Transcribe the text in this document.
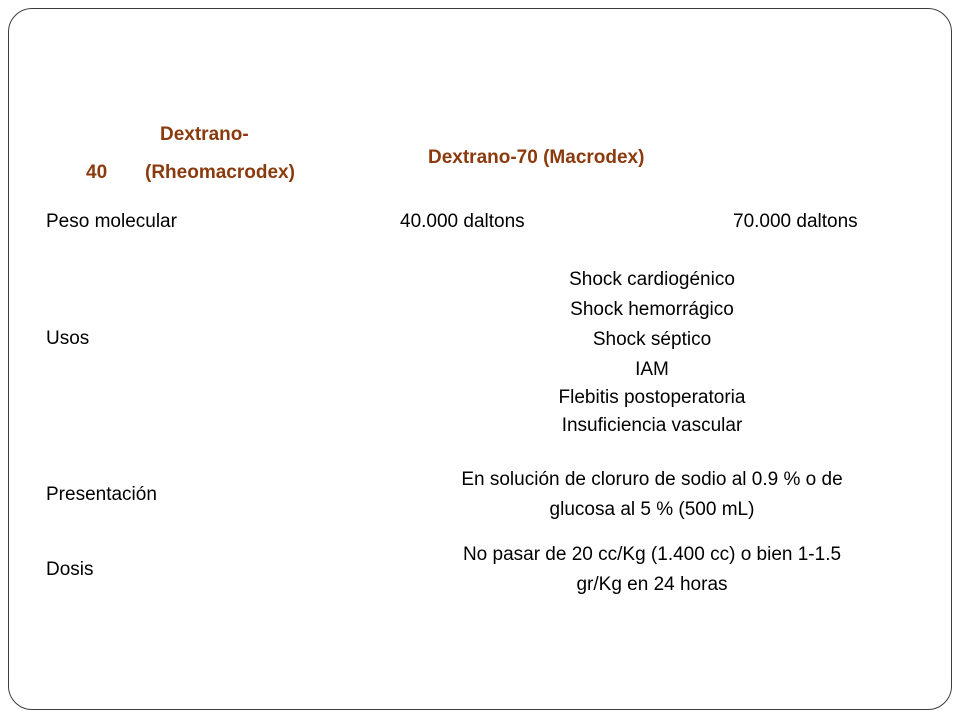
Dextrano-
40 (Rheomacrodex)
Dextrano-70 (Macrodex)
Peso molecular	40.000 daltons	70.000 daltons
Usos
Shock cardiogénico
Shock hemorrágico
Shock séptico
IAM
Flebitis postoperatoria
Insuficiencia vascular
Presentación
En solución de cloruro de sodio al 0.9 % o de
glucosa al 5 % (500 mL)
Dosis
No pasar de 20 cc/Kg (1.400 cc) o bien 1-1.5
gr/Kg en 24 horas
